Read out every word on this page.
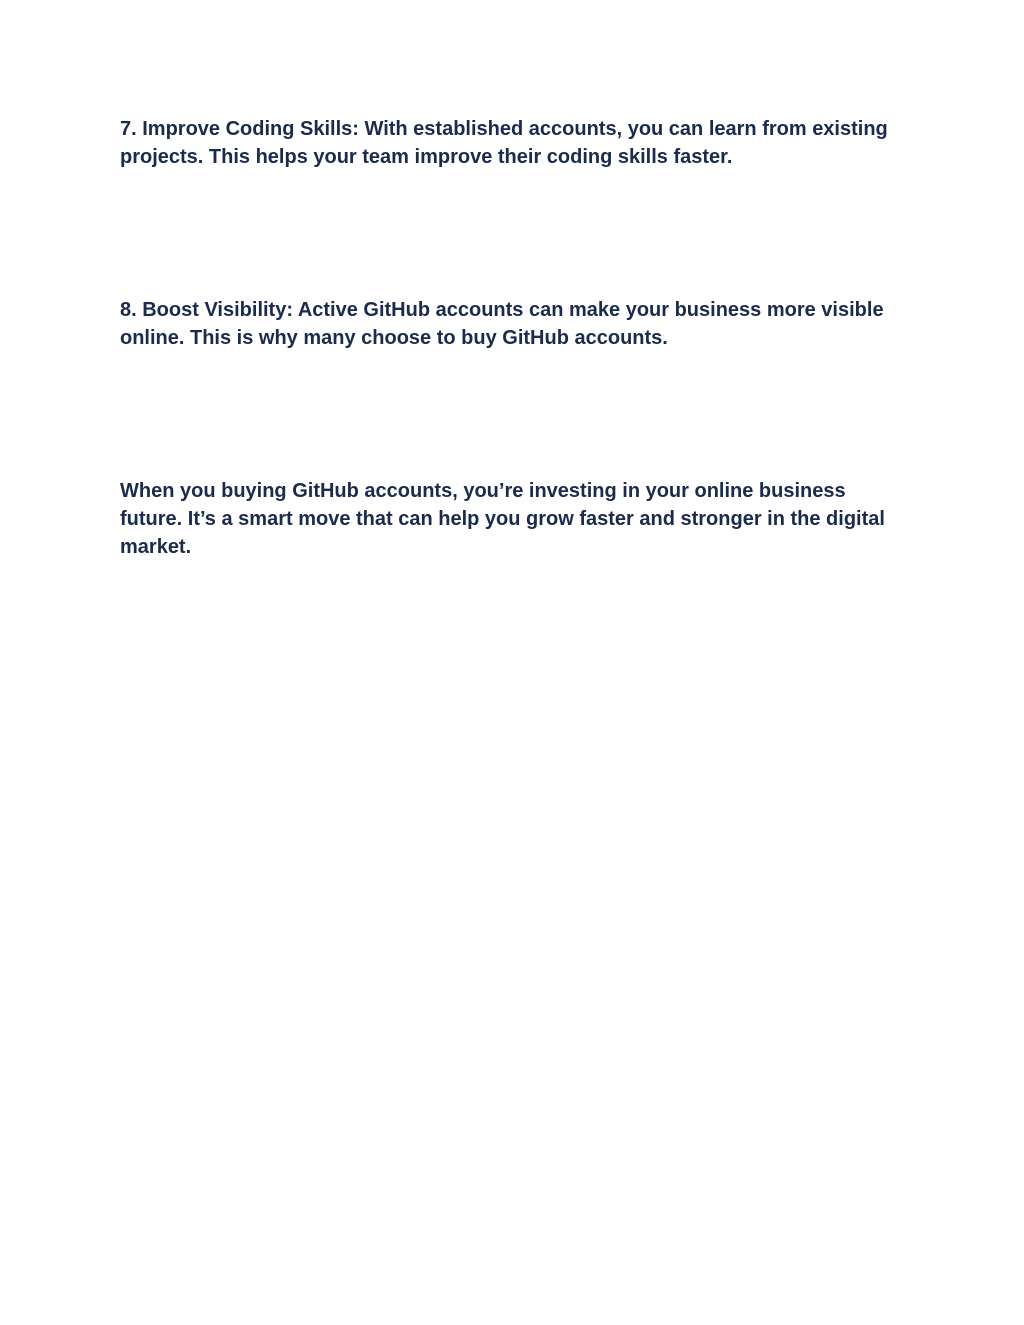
7. Improve Coding Skills: With established accounts, you can learn from existing
projects. This helps your team improve their coding skills faster.
8. Boost Visibility: Active GitHub accounts can make your business more visible
online. This is why many choose to buy GitHub accounts.
When you buying GitHub accounts, you’re investing in your online business
future. It’s a smart move that can help you grow faster and stronger in the digital
market.
